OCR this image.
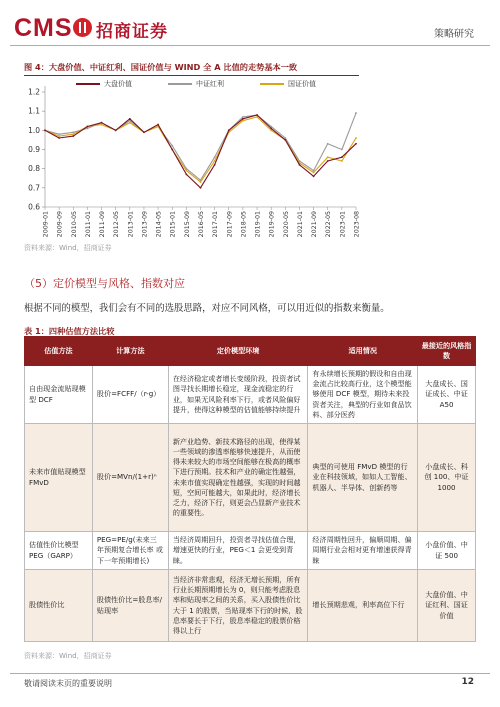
CMS 招商证券	策略研究
图 4：大盘价值、中证红利、国证价值与 WIND 全 A 比值的走势基本一致
大盘价值	中证红利	国证价值
0.6
0.7
0.8
0.9
1.0
1.1
1.2
2009-01 2009-09 2010-05 2011-01 2011-09 2012-05 2013-01 2013-09 2014-05 2015-01 2015-09 2016-05 2017-01 2017-09 2018-05 2019-01 2019-09 2020-05 2021-01 2021-09 2022-05 2023-01 2023-08
资料来源：Wind，招商证券
（5）定价模型与风格、指数对应
根据不同的模型，我们会有不同的选股思路，对应不同风格，可以用近似的指数来衡量。
表 1：四种估值方法比较
估值方法	计算方法	定价模型环境	适用情况	最接近的风格指数
自由现金流贴现模型 DCF	股价=FCFF/（r-g）	在经济稳定或者增长变缓阶段，投资者试图寻找长期增长稳定，现金流稳定的行业，如果无风险利率下行，或者风险偏好提升，使得这种模型的估值能够持续提升	有永续增长预期的假设和自由现金流占比较高行业，这个模型能够使用 DCF 模型，期待未来投资者关注，典型的行业如食品饮料、部分医药	大盘成长、国证成长、中证 A50
未来市值贴现模型 FMvD	股价=MVn/(1+r)ⁿ	新产业趋势、新技术路径的出现，使得某一些领域的渗透率能够快速提升，从而使得未来较大的市场空间能够在极高的概率下进行预期。技术和产业的确定性越强，未来市值实现确定性越强，实现的时间越短，空间可能越大，如果此时，经济增长乏力，经济下行，则更会凸显新产业技术的重要性。	典型的可使用 FMvD 模型的行业在科技领域，如如人工智能、机器人、半导体、创新药等	小盘成长、科创 100、中证 1000
估值性价比模型 PEG（GARP）	PEG=PE/g(未来三年预期复合增长率 或 下一年预期增长)	当经济周期回升，投资者寻找估值合理，增速更快的行业，PEG＜1 会更受到青睐。	经济周期性回升，偏顺周期、偏周期行业会相对更有增速获得青睐	小盘价值、中证 500
股债性价比	股债性价比=股息率/贴现率	当经济非常悲观，经济无增长预期，所有行业长期预期增长为 0，则只能考虑股息率和贴现率之间的关系，买入股债性价比大于 1 的股票，当贴现率下行的时候，股息率要长于下行，股息率稳定的股票价格得以上行	增长预期悲观，利率高位下行	大盘价值、中证红利、国证价值
资料来源：Wind，招商证券
敬请阅读末页的重要说明	12
